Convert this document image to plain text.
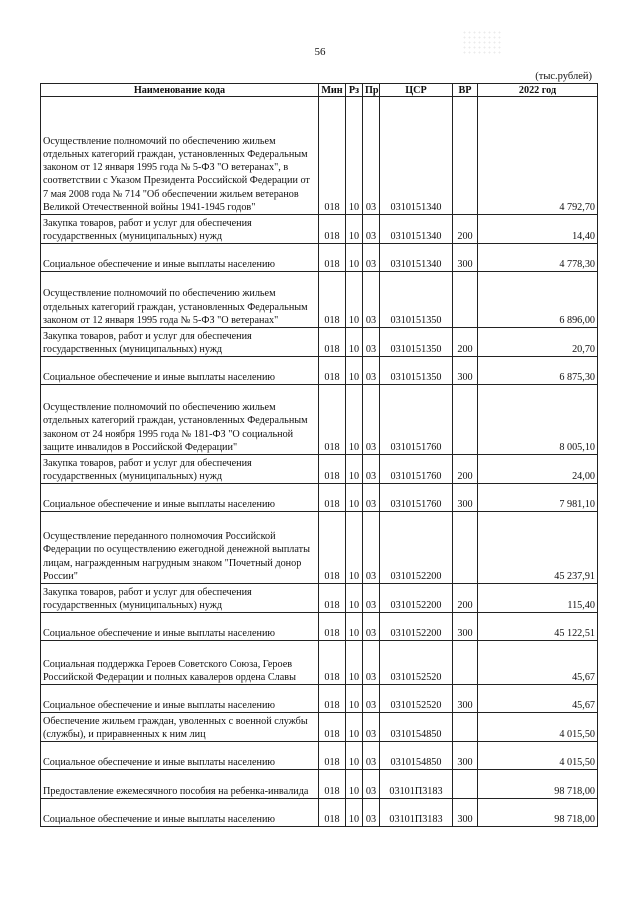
56
(тыс.рублей)
Наименование кода	Мин	Рз	Пр	ЦСР	ВР	2022 год
Осуществление полномочий по обеспечению жильем отдельных категорий граждан, установленных Федеральным законом от 12 января 1995 года № 5-ФЗ "О ветеранах", в соответствии с Указом Президента Российской Федерации от 7 мая 2008 года № 714 "Об обеспечении жильем ветеранов Великой Отечественной войны 1941-1945 годов"	018	10	03	0310151340		4 792,70
Закупка товаров, работ и услуг для обеспечения государственных (муниципальных) нужд	018	10	03	0310151340	200	14,40
Социальное обеспечение и иные выплаты населению	018	10	03	0310151340	300	4 778,30
Осуществление полномочий по обеспечению жильем отдельных категорий граждан, установленных Федеральным законом от 12 января 1995 года № 5-ФЗ "О ветеранах"	018	10	03	0310151350		6 896,00
Закупка товаров, работ и услуг для обеспечения государственных (муниципальных) нужд	018	10	03	0310151350	200	20,70
Социальное обеспечение и иные выплаты населению	018	10	03	0310151350	300	6 875,30
Осуществление полномочий по обеспечению жильем отдельных категорий граждан, установленных Федеральным законом от 24 ноября 1995 года № 181-ФЗ "О социальной защите инвалидов в Российской Федерации"	018	10	03	0310151760		8 005,10
Закупка товаров, работ и услуг для обеспечения государственных (муниципальных) нужд	018	10	03	0310151760	200	24,00
Социальное обеспечение и иные выплаты населению	018	10	03	0310151760	300	7 981,10
Осуществление переданного полномочия Российской Федерации по осуществлению ежегодной денежной выплаты лицам, награжденным нагрудным знаком "Почетный донор России"	018	10	03	0310152200		45 237,91
Закупка товаров, работ и услуг для обеспечения государственных (муниципальных) нужд	018	10	03	0310152200	200	115,40
Социальное обеспечение и иные выплаты населению	018	10	03	0310152200	300	45 122,51
Социальная поддержка Героев Советского Союза, Героев Российской Федерации и полных кавалеров ордена Славы	018	10	03	0310152520		45,67
Социальное обеспечение и иные выплаты населению	018	10	03	0310152520	300	45,67
Обеспечение жильем граждан, уволенных с военной службы (службы), и приравненных к ним лиц	018	10	03	0310154850		4 015,50
Социальное обеспечение и иные выплаты населению	018	10	03	0310154850	300	4 015,50
Предоставление ежемесячного пособия на ребенка-инвалида	018	10	03	03101П3183		98 718,00
Социальное обеспечение и иные выплаты населению	018	10	03	03101П3183	300	98 718,00
